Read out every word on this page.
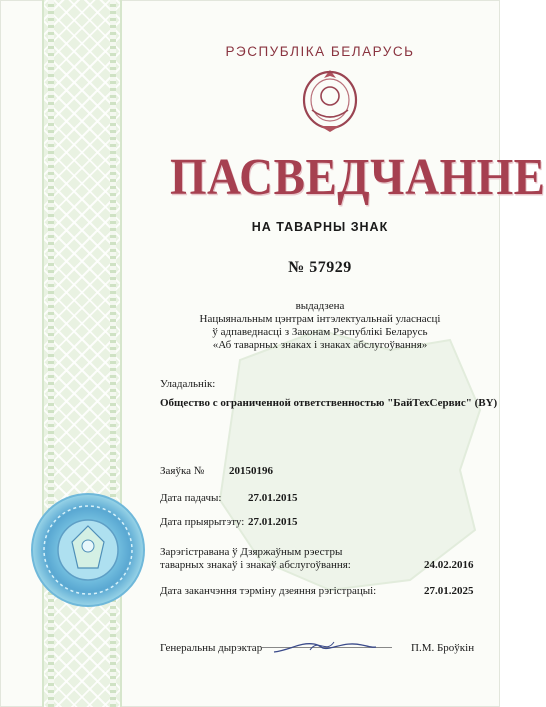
РЭСПУБЛІКА БЕЛАРУСЬ
ПАСВЕДЧАННЕ
НА ТАВАРНЫ ЗНАК
№ 57929
выдадзена
Нацыянальным цэнтрам інтэлектуальнай уласнасці
ў адпаведнасці з Законам Рэспублікі Беларусь
«Аб таварных знаках і знаках абслугоўвання»
Уладальнік:
Общество с ограниченной ответственностью "БайТехСервис" (BY)
Заяўка № 20150196
Дата падачы: 27.01.2015
Дата прыярытэту: 27.01.2015
Зарэгістравана ў Дзяржаўным рэестры
таварных знакаў і знакаў абслугоўвання:	24.02.2016
Дата заканчэння тэрміну дзеяння рэгістрацыі:	27.01.2025
Генеральны дырэктар	П.М. Броўкін
